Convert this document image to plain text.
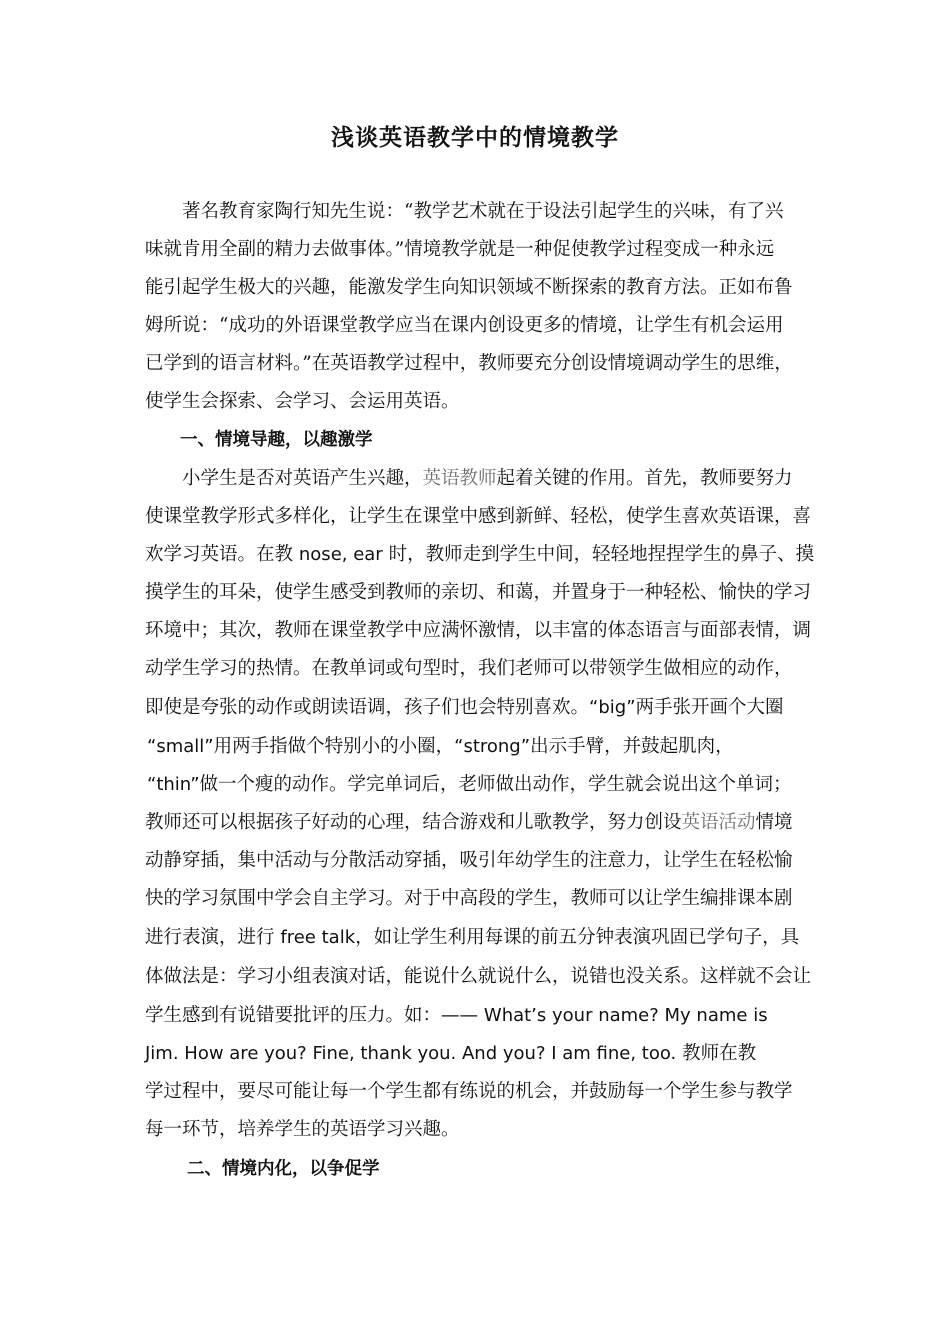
浅谈英语教学中的情境教学
著名教育家陶行知先生说：“教学艺术就在于设法引起学生的兴味，有了兴
味就肯用全副的精力去做事体。”情境教学就是一种促使教学过程变成一种永远
能引起学生极大的兴趣，能激发学生向知识领域不断探索的教育方法。正如布鲁
姆所说：“成功的外语课堂教学应当在课内创设更多的情境，让学生有机会运用
已学到的语言材料。”在英语教学过程中，教师要充分创设情境调动学生的思维，
使学生会探索、会学习、会运用英语。
一、情境导趣，以趣激学
小学生是否对英语产生兴趣，英语教师起着关键的作用。首先，教师要努力
使课堂教学形式多样化，让学生在课堂中感到新鲜、轻松，使学生喜欢英语课，喜
欢学习英语。在教 nose, ear 时，教师走到学生中间，轻轻地捏捏学生的鼻子、摸
摸学生的耳朵，使学生感受到教师的亲切、和蔼，并置身于一种轻松、愉快的学习
环境中；其次，教师在课堂教学中应满怀激情，以丰富的体态语言与面部表情，调
动学生学习的热情。在教单词或句型时，我们老师可以带领学生做相应的动作，
即使是夸张的动作或朗读语调，孩子们也会特别喜欢。“big”两手张开画个大圈
“small”用两手指做个特别小的小圈，“strong”出示手臂，并鼓起肌肉，
“thin”做一个瘦的动作。学完单词后，老师做出动作，学生就会说出这个单词；
教师还可以根据孩子好动的心理，结合游戏和儿歌教学，努力创设英语活动情境
动静穿插，集中活动与分散活动穿插，吸引年幼学生的注意力，让学生在轻松愉
快的学习氛围中学会自主学习。对于中高段的学生，教师可以让学生编排课本剧
进行表演，进行 free talk，如让学生利用每课的前五分钟表演巩固已学句子，具
体做法是：学习小组表演对话，能说什么就说什么，说错也没关系。这样就不会让
学生感到有说错要批评的压力。如：—— What’s your name? My name is
Jim. How are you? Fine, thank you. And you? I am fine, too. 教师在教
学过程中，要尽可能让每一个学生都有练说的机会，并鼓励每一个学生参与教学
每一环节，培养学生的英语学习兴趣。
二、情境内化，以争促学
